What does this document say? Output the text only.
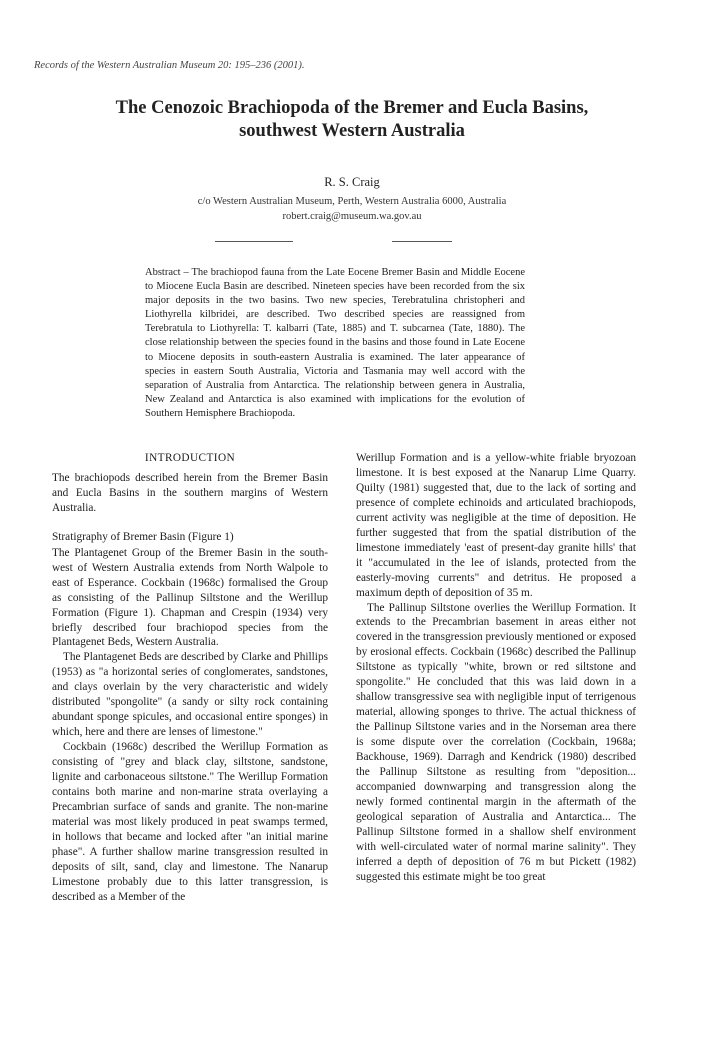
Records of the Western Australian Museum 20: 195–236 (2001).
The Cenozoic Brachiopoda of the Bremer and Eucla Basins,
southwest Western Australia
R. S. Craig
c/o Western Australian Museum, Perth, Western Australia 6000, Australia
robert.craig@museum.wa.gov.au
Abstract – The brachiopod fauna from the Late Eocene Bremer Basin and Middle Eocene to Miocene Eucla Basin are described. Nineteen species have been recorded from the six major deposits in the two basins. Two new species, Terebratulina christopheri and Liothyrella kilbridei, are described. Two described species are reassigned from Terebratula to Liothyrella: T. kalbarri (Tate, 1885) and T. subcarnea (Tate, 1880). The close relationship between the species found in the basins and those found in Late Eocene to Miocene deposits in south-eastern Australia is examined. The later appearance of species in eastern South Australia, Victoria and Tasmania may well accord with the separation of Australia from Antarctica. The relationship between genera in Australia, New Zealand and Antarctica is also examined with implications for the evolution of Southern Hemisphere Brachiopoda.
INTRODUCTION

The brachiopods described herein from the Bremer Basin and Eucla Basins in the southern margins of Western Australia.

Stratigraphy of Bremer Basin (Figure 1)

The Plantagenet Group of the Bremer Basin in the south-west of Western Australia extends from North Walpole to east of Esperance. Cockbain (1968c) formalised the Group as consisting of the Pallinup Siltstone and the Werillup Formation (Figure 1). Chapman and Crespin (1934) very briefly described four brachiopod species from the Plantagenet Beds, Western Australia.

The Plantagenet Beds are described by Clarke and Phillips (1953) as "a horizontal series of conglomerates, sandstones, and clays overlain by the very characteristic and widely distributed "spongolite" (a sandy or silty rock containing abundant sponge spicules, and occasional entire sponges) in which, here and there are lenses of limestone."

Cockbain (1968c) described the Werillup Formation as consisting of "grey and black clay, siltstone, sandstone, lignite and carbonaceous siltstone." The Werillup Formation contains both marine and non-marine strata overlaying a Precambrian surface of sands and granite. The non-marine material was most likely produced in peat swamps termed, in hollows that became and locked after "an initial marine phase". A further shallow marine transgression resulted in deposits of silt, sand, clay and limestone. The Nanarup Limestone probably due to this latter transgression, is described as a Member of the

Werillup Formation and is a yellow-white friable bryozoan limestone. It is best exposed at the Nanarup Lime Quarry. Quilty (1981) suggested that, due to the lack of sorting and presence of complete echinoids and articulated brachiopods, current activity was negligible at the time of deposition. He further suggested that from the spatial distribution of the limestone immediately 'east of present-day granite hills' that it "accumulated in the lee of islands, protected from the easterly-moving currents" and detritus. He proposed a maximum depth of deposition of 35 m.

The Pallinup Siltstone overlies the Werillup Formation. It extends to the Precambrian basement in areas either not covered in the transgression previously mentioned or exposed by erosional effects. Cockbain (1968c) described the Pallinup Siltstone as typically "white, brown or red siltstone and spongolite." He concluded that this was laid down in a shallow transgressive sea with negligible input of terrigenous material, allowing sponges to thrive. The actual thickness of the Pallinup Siltstone varies and in the Norseman area there is some dispute over the correlation (Cockbain, 1968a; Backhouse, 1969). Darragh and Kendrick (1980) described the Pallinup Siltstone as resulting from "deposition... accompanied downwarping and transgression along the newly formed continental margin in the aftermath of the geological separation of Australia and Antarctica... The Pallinup Siltstone formed in a shallow shelf environment with well-circulated water of normal marine salinity". They inferred a depth of deposition of 76 m but Pickett (1982) suggested this estimate might be too great
